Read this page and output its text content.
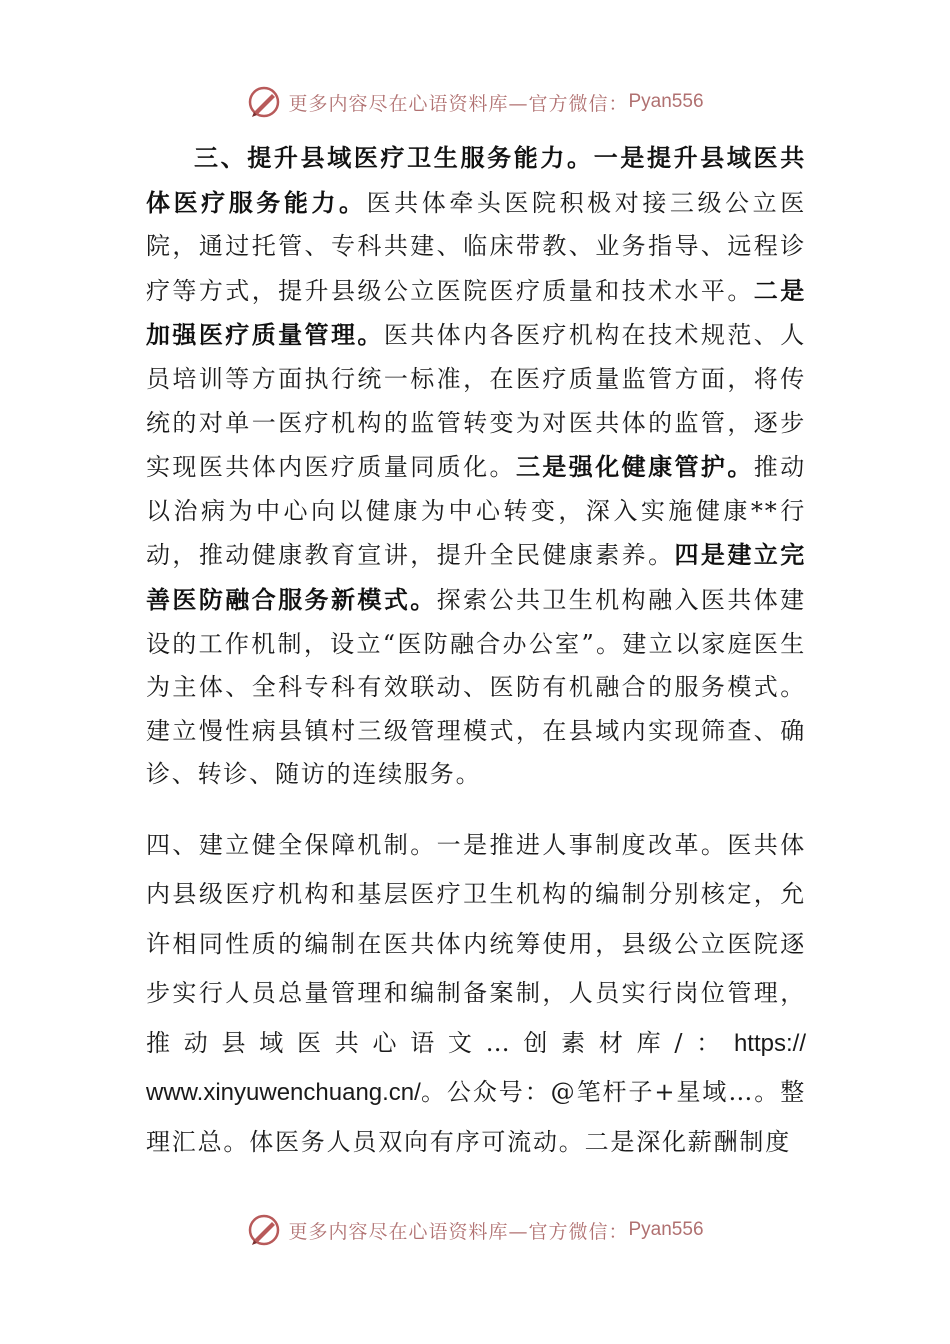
更多内容尽在心语资料库—官方微信： Pyan556

三、提升县域医疗卫生服务能力。一是提升县域医共体医疗服务能力。医共体牵头医院积极对接三级公立医院，通过托管、专科共建、临床带教、业务指导、远程诊疗等方式，提升县级公立医院医疗质量和技术水平。二是加强医疗质量管理。医共体内各医疗机构在技术规范、人员培训等方面执行统一标准，在医疗质量监管方面，将传统的对单一医疗机构的监管转变为对医共体的监管，逐步实现医共体内医疗质量同质化。三是强化健康管护。推动以治病为中心向以健康为中心转变，深入实施健康**行动，推动健康教育宣讲，提升全民健康素养。四是建立完善医防融合服务新模式。探索公共卫生机构融入医共体建设的工作机制，设立“医防融合办公室”。建立以家庭医生为主体、全科专科有效联动、医防有机融合的服务模式。建立慢性病县镇村三级管理模式，在县域内实现筛查、确诊、转诊、随访的连续服务。

四、建立健全保障机制。一是推进人事制度改革。医共体内县级医疗机构和基层医疗卫生机构的编制分别核定，允许相同性质的编制在医共体内统筹使用，县级公立医院逐步实行人员总量管理和编制备案制，人员实行岗位管理，推动县域医共心语文…创素材库/：https:// www.xinyuwenchuang.cn/。公众号：@笔杆子+星域…。整理汇总。体医务人员双向有序可流动。二是深化薪酬制度

更多内容尽在心语资料库—官方微信： Pyan556
